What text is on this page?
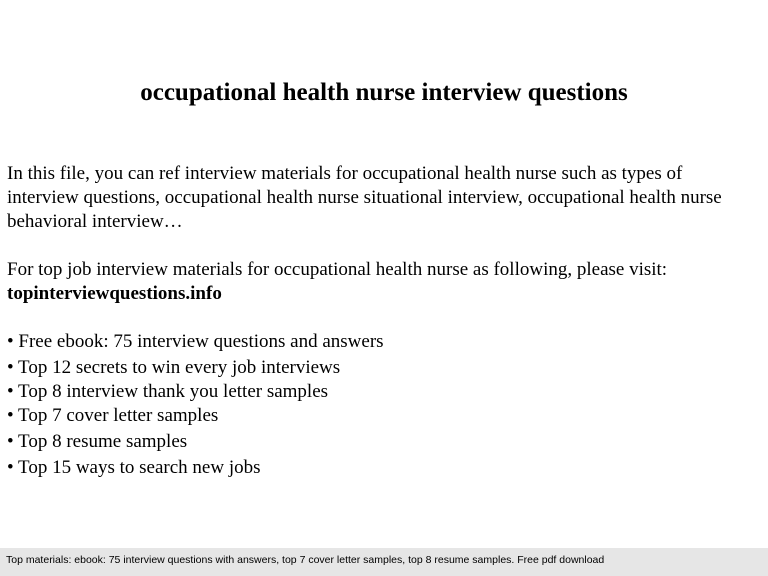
occupational health nurse interview questions
In this file, you can ref interview materials for occupational health nurse such as types of interview questions, occupational health nurse situational interview, occupational health nurse behavioral interview…
For top job interview materials for occupational health nurse as following, please visit:
topinterviewquestions.info
• Free ebook: 75 interview questions and answers
• Top 12 secrets to win every job interviews
• Top 8 interview thank you letter samples
• Top 7 cover letter samples
• Top 8 resume samples
• Top 15 ways to search new jobs
Top materials: ebook: 75 interview questions with answers, top 7 cover letter samples, top 8 resume samples. Free pdf download
